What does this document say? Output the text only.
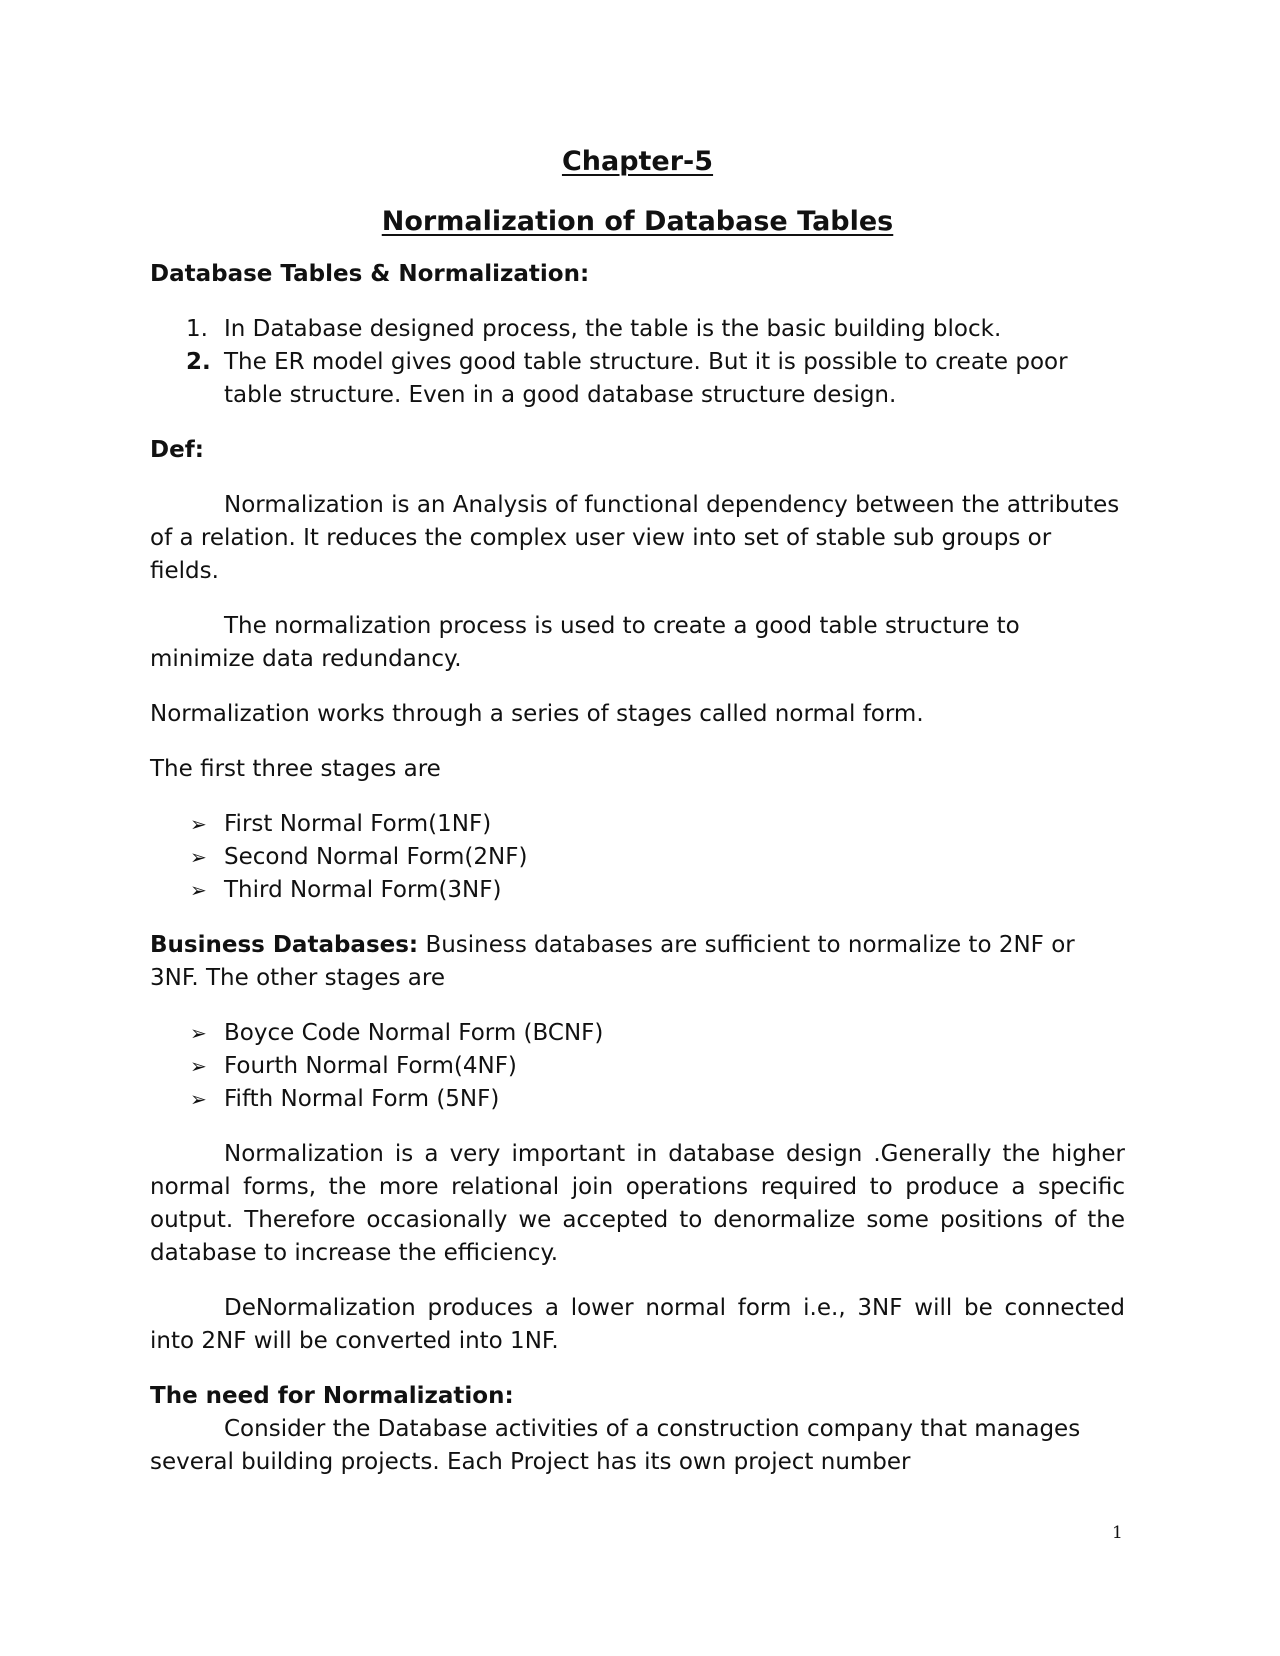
Chapter-5
Normalization of Database Tables
Database Tables & Normalization:
1. In Database designed process, the table is the basic building block.
2. The ER model gives good table structure. But it is possible to create poor table structure. Even in a good database structure design.
Def:

Normalization is an Analysis of functional dependency between the attributes of a relation. It reduces the complex user view into set of stable sub groups or fields.

The normalization process is used to create a good table structure to minimize data redundancy.

Normalization works through a series of stages called normal form.

The first three stages are

➢ First Normal Form(1NF)
➢ Second Normal Form(2NF)
➢ Third Normal Form(3NF)

Business Databases: Business databases are sufficient to normalize to 2NF or 3NF. The other stages are

➢ Boyce Code Normal Form (BCNF)
➢ Fourth Normal Form(4NF)
➢ Fifth Normal Form (5NF)

Normalization is a very important in database design .Generally the higher normal forms, the more relational join operations required to produce a specific output. Therefore occasionally we accepted to denormalize some positions of the database to increase the efficiency.

DeNormalization produces a lower normal form i.e., 3NF will be connected into 2NF will be converted into 1NF.

The need for Normalization:

Consider the Database activities of a construction company that manages several building projects. Each Project has its own project number

1
